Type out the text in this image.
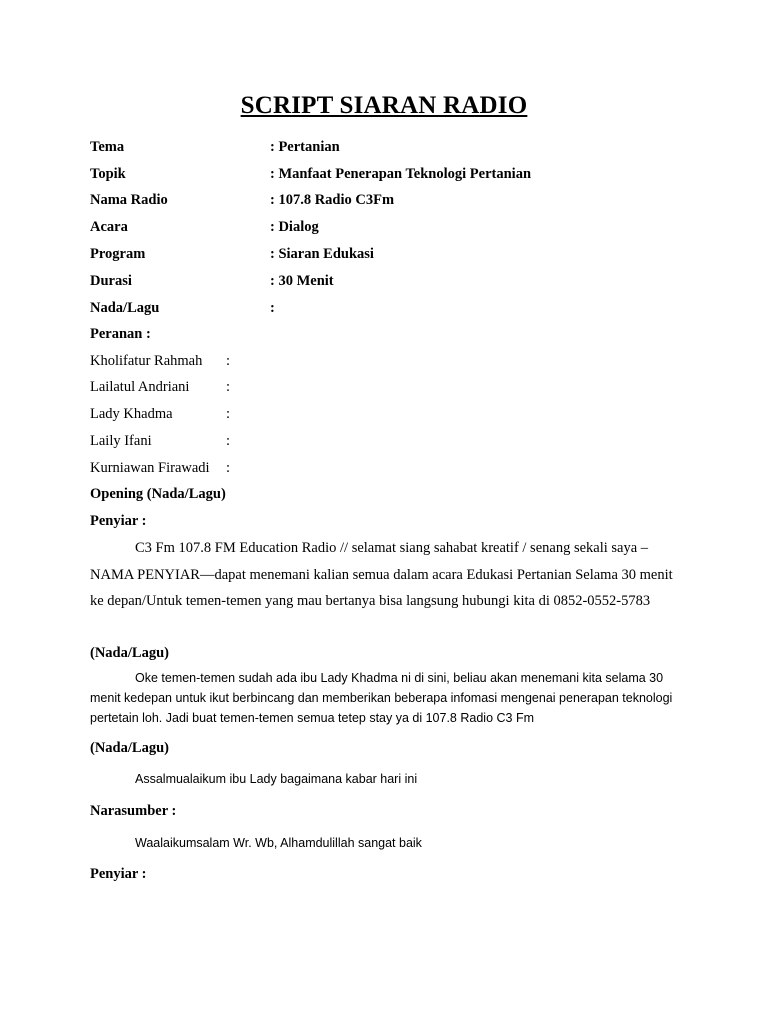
SCRIPT SIARAN RADIO
Tema	: Pertanian
Topik	: Manfaat Penerapan Teknologi Pertanian
Nama Radio	: 107.8 Radio C3Fm
Acara	: Dialog
Program	: Siaran Edukasi
Durasi	: 30 Menit
Nada/Lagu	:
Peranan :
Kholifatur Rahmah :
Lailatul Andriani	:
Lady Khadma	:
Laily Ifani	:
Kurniawan Firawadi :
Opening (Nada/Lagu)
Penyiar :
C3 Fm 107.8 FM Education Radio // selamat siang sahabat kreatif / senang sekali saya – NAMA PENYIAR—dapat menemani kalian semua dalam acara Edukasi Pertanian Selama 30 menit ke depan/Untuk temen-temen yang mau bertanya bisa langsung hubungi kita di 0852-0552-5783
(Nada/Lagu)
Oke temen-temen sudah ada ibu Lady Khadma ni di sini, beliau akan menemani kita selama 30 menit kedepan untuk ikut berbincang dan memberikan beberapa infomasi mengenai penerapan teknologi pertetain loh. Jadi buat temen-temen semua tetep stay ya di 107.8 Radio C3 Fm
(Nada/Lagu)
Assalmualaikum ibu Lady bagaimana kabar hari ini
Narasumber :
Waalaikumsalam Wr. Wb, Alhamdulillah sangat baik
Penyiar :
